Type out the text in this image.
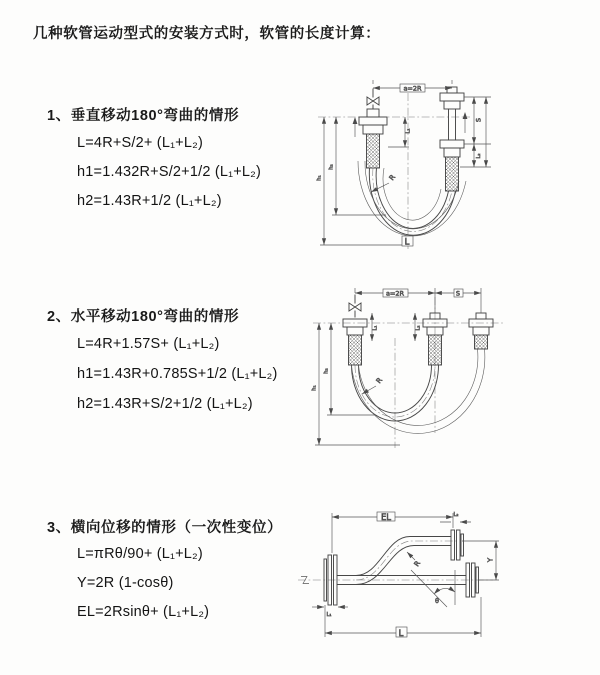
几种软管运动型式的安装方式时，软管的长度计算：
1、垂直移动180°弯曲的情形
L=4R+S/2+ (L₁+L₂)
h1=1.432R+S/2+1/2 (L₁+L₂)
h2=1.43R+1/2 (L₁+L₂)
2、水平移动180°弯曲的情形
L=4R+1.57S+ (L₁+L₂)
h1=1.43R+0.785S+1/2 (L₁+L₂)
h2=1.43R+S/2+1/2 (L₁+L₂)
3、横向位移的情形（一次性变位）
L=πRθ/90+ (L₁+L₂)
Y=2R (1-cosθ)
EL=2Rsinθ+ (L₁+L₂)
a=2R
S
L₂
h₁
h₂
L₁
R
L
a=2R	S
L₁	L₂
h₁
h₂
R
θ
EL	L₂
Y
R
L
L₁
